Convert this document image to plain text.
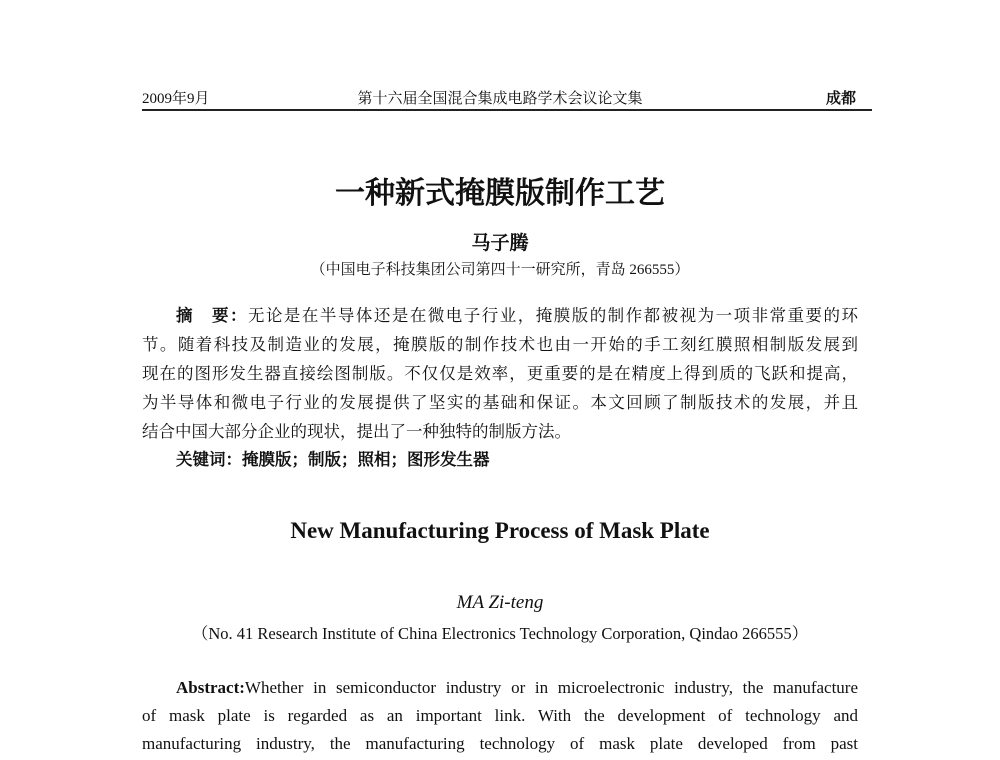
2009年9月	第十六届全国混合集成电路学术会议论文集	成都
一种新式掩膜版制作工艺
马子腾
（中国电子科技集团公司第四十一研究所，青岛 266555）
摘　要：无论是在半导体还是在微电子行业，掩膜版的制作都被视为一项非常重要的环
节。随着科技及制造业的发展，掩膜版的制作技术也由一开始的手工刻红膜照相制版发展到
现在的图形发生器直接绘图制版。不仅仅是效率，更重要的是在精度上得到质的飞跃和提高，
为半导体和微电子行业的发展提供了坚实的基础和保证。本文回顾了制版技术的发展，并且
结合中国大部分企业的现状，提出了一种独特的制版方法。
关键词：掩膜版；制版；照相；图形发生器
New Manufacturing Process of Mask Plate
MA Zi-teng
（No. 41 Research Institute of China Electronics Technology Corporation, Qindao 266555）
Abstract:Whether in semiconductor industry or in microelectronic industry, the manufacture
of mask plate is regarded as an important link. With the development of technology and
manufacturing industry, the manufacturing technology of mask plate developed from past
